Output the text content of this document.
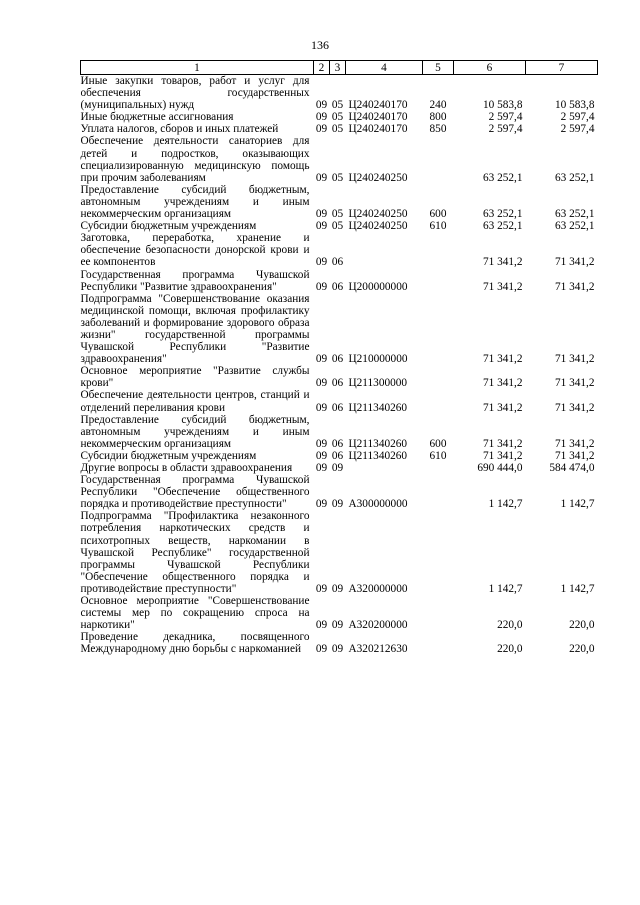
136
1	2	3	4	5	6	7
Иные закупки товаров, работ и услуг для обеспечения государственных (муниципальных) нужд	09	05	Ц240240170	240	10 583,8	10 583,8
Иные бюджетные ассигнования	09	05	Ц240240170	800	2 597,4	2 597,4
Уплата налогов, сборов и иных платежей	09	05	Ц240240170	850	2 597,4	2 597,4
Обеспечение деятельности санаториев для детей и подростков, оказывающих специализированную медицинскую помощь при прочим заболеваниям	09	05	Ц240240250		63 252,1	63 252,1
Предоставление субсидий бюджетным, автономным учреждениям и иным некоммерческим организациям	09	05	Ц240240250	600	63 252,1	63 252,1
Субсидии бюджетным учреждениям	09	05	Ц240240250	610	63 252,1	63 252,1
Заготовка, переработка, хранение и обеспечение безопасности донорской крови и ее компонентов	09	06			71 341,2	71 341,2
Государственная программа Чувашской Республики "Развитие здравоохранения"	09	06	Ц200000000		71 341,2	71 341,2
Подпрограмма "Совершенствование оказания медицинской помощи, включая профилактику заболеваний и формирование здорового образа жизни" государственной программы Чувашской Республики "Развитие здравоохранения"	09	06	Ц210000000		71 341,2	71 341,2
Основное мероприятие "Развитие службы крови"	09	06	Ц211300000		71 341,2	71 341,2
Обеспечение деятельности центров, станций и отделений переливания крови	09	06	Ц211340260		71 341,2	71 341,2
Предоставление субсидий бюджетным, автономным учреждениям и иным некоммерческим организациям	09	06	Ц211340260	600	71 341,2	71 341,2
Субсидии бюджетным учреждениям	09	06	Ц211340260	610	71 341,2	71 341,2
Другие вопросы в области здравоохранения	09	09			690 444,0	584 474,0
Государственная программа Чувашской Республики "Обеспечение общественного порядка и противодействие преступности"	09	09	А300000000		1 142,7	1 142,7
Подпрограмма "Профилактика незаконного потребления наркотических средств и психотропных веществ, наркомании в Чувашской Республике" государственной программы Чувашской Республики "Обеспечение общественного порядка и противодействие преступности"	09	09	А320000000		1 142,7	1 142,7
Основное мероприятие "Совершенствование системы мер по сокращению спроса на наркотики"	09	09	А320200000		220,0	220,0
Проведение декадника, посвященного Международному дню борьбы с наркоманией	09	09	А320212630		220,0	220,0
